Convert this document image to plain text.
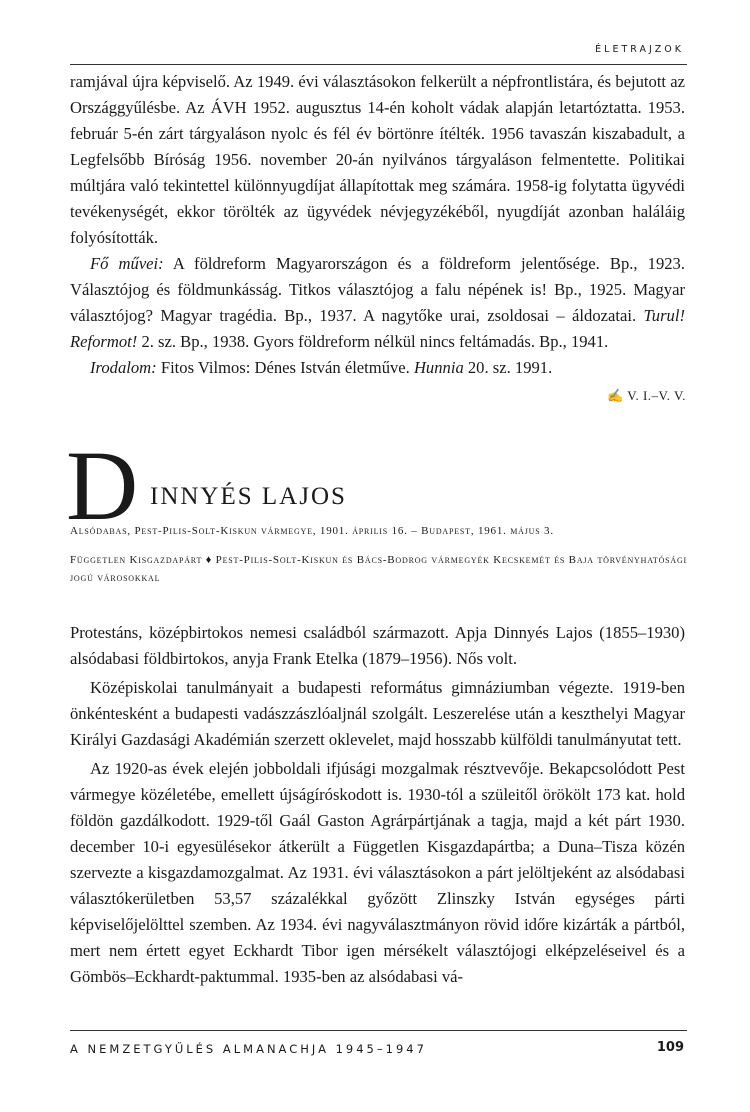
ÉLETRAJZOK

ramjával újra képviselő. Az 1949. évi választásokon felkerült a népfrontlistára, és bejutott az Országgyűlésbe. Az ÁVH 1952. augusztus 14-én koholt vádak alapján letartóztatta. 1953. február 5-én zárt tárgyaláson nyolc és fél év börtönre ítélték. 1956 tavaszán kiszabadult, a Legfelsőbb Bíróság 1956. november 20-án nyilvános tárgyaláson felmentette. Politikai múltjára való tekintettel különnyugdíjat állapítottak meg számára. 1958-ig folytatta ügyvédi tevékenységét, ekkor törölték az ügyvédek névjegyzékéből, nyugdíját azonban haláláig folyósították.

Fő művei: A földreform Magyarországon és a földreform jelentősége. Bp., 1923. Választójog és földmunkásság. Titkos választójog a falu népének is! Bp., 1925. Magyar választójog? Magyar tragédia. Bp., 1937. A nagytőke urai, zsoldosai – áldozatai. Turul! Reformot! 2. sz. Bp., 1938. Gyors földreform nélkül nincs feltámadás. Bp., 1941.

Irodalom: Fitos Vilmos: Dénes István életműve. Hunnia 20. sz. 1991.

✍ V. I.–V. V.
D INNYÉS LAJOS
Alsódabas, Pest-Pilis-Solt-Kiskun vármegye, 1901. április 16. – Budapest, 1961. május 3.
Független Kisgazdapárt ♦ Pest-Pilis-Solt-Kiskun és Bács-Bodrog vármegyék Kecskemét és Baja törvényhatósági jogú városokkal

Protestáns, középbirtokos nemesi családból származott. Apja Dinnyés Lajos (1855–1930) alsódabasi földbirtokos, anyja Frank Etelka (1879–1956). Nős volt.

Középiskolai tanulmányait a budapesti református gimnáziumban végezte. 1919-ben önkéntesként a budapesti vadászzászlóaljnál szolgált. Leszerelése után a keszthelyi Magyar Királyi Gazdasági Akadémián szerzett oklevelet, majd hosszabb külföldi tanulmányutat tett.

Az 1920-as évek elején jobboldali ifjúsági mozgalmak résztvevője. Bekapcsolódott Pest vármegye közéletébe, emellett újságíróskodott is. 1930-tól a szüleitől örökölt 173 kat. hold földön gazdálkodott. 1929-től Gaál Gaston Agrárpártjának a tagja, majd a két párt 1930. december 10-i egyesülésekor átkerült a Független Kisgazdapártba; a Duna–Tisza közén szervezte a kisgazdamozgalmat. Az 1931. évi választásokon a párt jelöltjeként az alsódabasi választókerületben 53,57 százalékkal győzött Zlinszky István egységes párti képviselőjelölttel szemben. Az 1934. évi nagyválasztmányon rövid időre kizárták a pártból, mert nem értett egyet Eckhardt Tibor igen mérsékelt választójogi elképzeléseivel és a Gömbös–Eckhardt-paktummal. 1935-ben az alsódabasi vá-

A NEMZETGYŰLÉS ALMANACHJA 1945–1947	109
